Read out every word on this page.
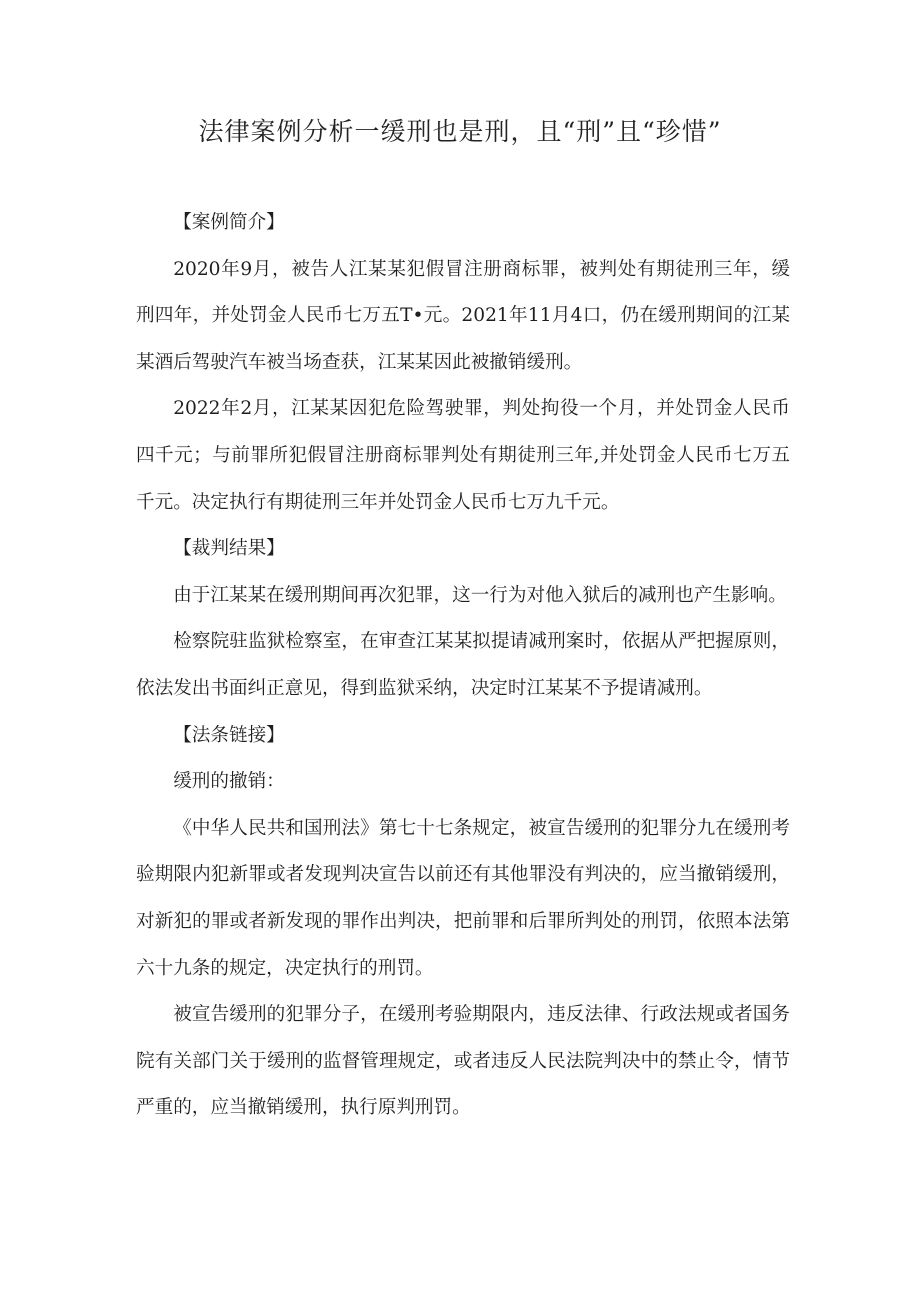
法律案例分析一缓刑也是刑，且“刑”且“珍惜”

【案例简介】

2020年9月，被告人江某某犯假冒注册商标罪，被判处有期徒刑三年，缓刑四年，并处罚金人民币七万五T•元。2021年11月4口，仍在缓刑期间的江某某酒后驾驶汽车被当场查获，江某某因此被撤销缓刑。

2022年2月，江某某因犯危险驾驶罪，判处拘役一个月，并处罚金人民币四千元；与前罪所犯假冒注册商标罪判处有期徒刑三年,并处罚金人民币七万五千元。决定执行有期徒刑三年并处罚金人民币七万九千元。

【裁判结果】

由于江某某在缓刑期间再次犯罪，这一行为对他入狱后的减刑也产生影响。

检察院驻监狱检察室，在审查江某某拟提请减刑案时，依据从严把握原则，依法发出书面纠正意见，得到监狱采纳，决定时江某某不予提请减刑。

【法条链接】

缓刑的撤销：

《中华人民共和国刑法》第七十七条规定，被宣告缓刑的犯罪分九在缓刑考验期限内犯新罪或者发现判决宣告以前还有其他罪没有判决的，应当撤销缓刑，对新犯的罪或者新发现的罪作出判决，把前罪和后罪所判处的刑罚，依照本法第六十九条的规定，决定执行的刑罚。

被宣告缓刑的犯罪分子，在缓刑考验期限内，违反法律、行政法规或者国务院有关部门关于缓刑的监督管理规定，或者违反人民法院判决中的禁止令，情节严重的，应当撤销缓刑，执行原判刑罚。
